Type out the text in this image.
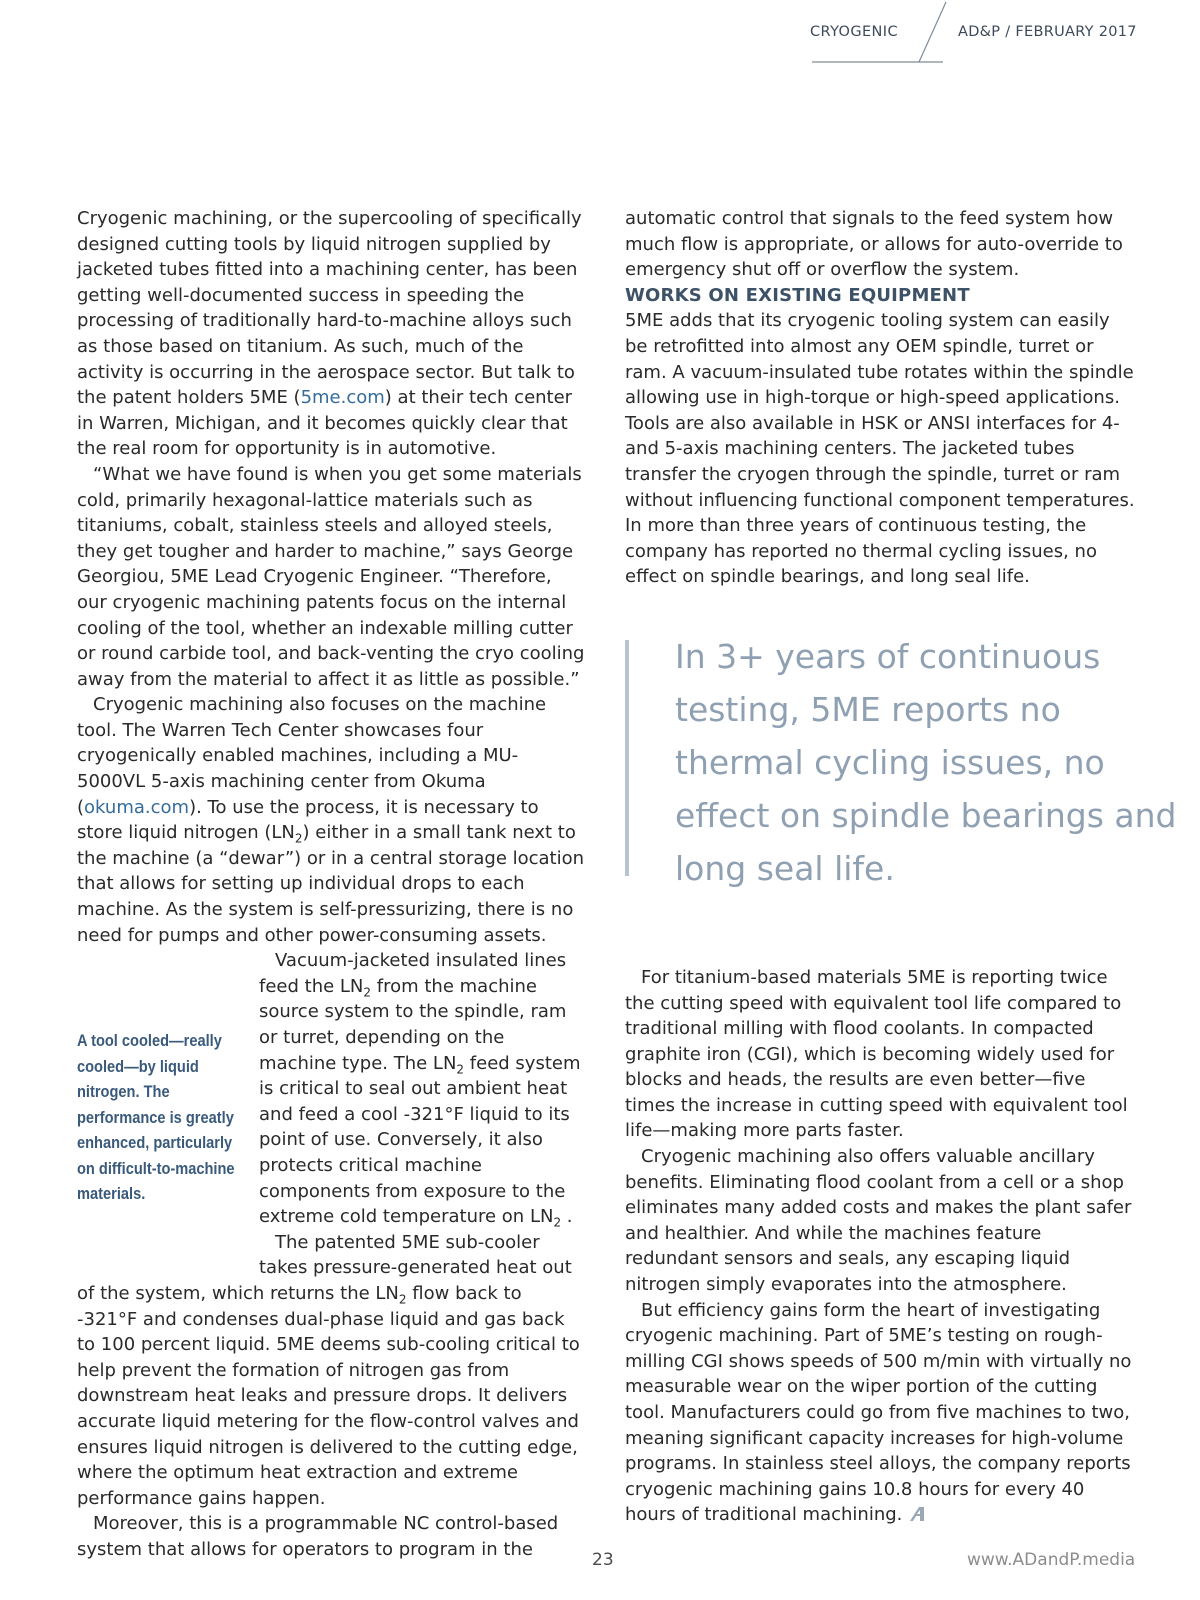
CRYOGENIC	AD&P / FEBRUARY 2017

Cryogenic machining, or the supercooling of specifically designed cutting tools by liquid nitrogen supplied by jacketed tubes fitted into a machining center, has been getting well-documented success in speeding the processing of traditionally hard-to-machine alloys such as those based on titanium. As such, much of the activity is occurring in the aerospace sector. But talk to the patent holders 5ME (5me.com) at their tech center in Warren, Michigan, and it becomes quickly clear that the real room for opportunity is in automotive.

“What we have found is when you get some materials cold, primarily hexagonal-lattice materials such as titaniums, cobalt, stainless steels and alloyed steels, they get tougher and harder to machine,” says George Georgiou, 5ME Lead Cryogenic Engineer. “Therefore, our cryogenic machining patents focus on the internal cooling of the tool, whether an indexable milling cutter or round carbide tool, and back-venting the cryo cooling away from the material to affect it as little as possible.”

Cryogenic machining also focuses on the machine tool. The Warren Tech Center showcases four cryogenically enabled machines, including a MU-5000VL 5-axis machining center from Okuma (okuma.com). To use the process, it is necessary to store liquid nitrogen $(LN_2)$ either in a small tank next to the machine (a “dewar”) or in a central storage location that allows for setting up individual drops to each machine. As the system is self-pressurizing, there is no need for pumps and other power-consuming assets.

A tool cooled—really cooled—by liquid nitrogen. The performance is greatly enhanced, particularly on difficult-to-machine materials.

Vacuum-jacketed insulated lines feed the $LN_2$ from the machine source system to the spindle, ram or turret, depending on the machine type. The $LN_2$ feed system is critical to seal out ambient heat and feed a cool -321°F liquid to its point of use. Conversely, it also protects critical machine components from exposure to the extreme cold temperature on $LN_2$ .

The patented 5ME sub-cooler takes pressure-generated heat out of the system, which returns the $LN_2$ flow back to -321°F and condenses dual-phase liquid and gas back to 100 percent liquid. 5ME deems sub-cooling critical to help prevent the formation of nitrogen gas from downstream heat leaks and pressure drops. It delivers accurate liquid metering for the flow-control valves and ensures liquid nitrogen is delivered to the cutting edge, where the optimum heat extraction and extreme performance gains happen.

Moreover, this is a programmable NC control-based system that allows for operators to program in the

automatic control that signals to the feed system how much flow is appropriate, or allows for auto-override to emergency shut off or overflow the system.

WORKS ON EXISTING EQUIPMENT

5ME adds that its cryogenic tooling system can easily be retrofitted into almost any OEM spindle, turret or ram. A vacuum-insulated tube rotates within the spindle allowing use in high-torque or high-speed applications. Tools are also available in HSK or ANSI interfaces for 4- and 5-axis machining centers. The jacketed tubes transfer the cryogen through the spindle, turret or ram without influencing functional component temperatures. In more than three years of continuous testing, the company has reported no thermal cycling issues, no effect on spindle bearings, and long seal life.

In 3+ years of continuous testing, 5ME reports no thermal cycling issues, no effect on spindle bearings and long seal life.

For titanium-based materials 5ME is reporting twice the cutting speed with equivalent tool life compared to traditional milling with flood coolants. In compacted graphite iron (CGI), which is becoming widely used for blocks and heads, the results are even better—five times the increase in cutting speed with equivalent tool life—making more parts faster.

Cryogenic machining also offers valuable ancillary benefits. Eliminating flood coolant from a cell or a shop eliminates many added costs and makes the plant safer and healthier. And while the machines feature redundant sensors and seals, any escaping liquid nitrogen simply evaporates into the atmosphere.

But efficiency gains form the heart of investigating cryogenic machining. Part of 5ME’s testing on rough-milling CGI shows speeds of 500 m/min with virtually no measurable wear on the wiper portion of the cutting tool. Manufacturers could go from five machines to two, meaning significant capacity increases for high-volume programs. In stainless steel alloys, the company reports cryogenic machining gains 10.8 hours for every 40 hours of traditional machining.

23	www.ADandP.media
